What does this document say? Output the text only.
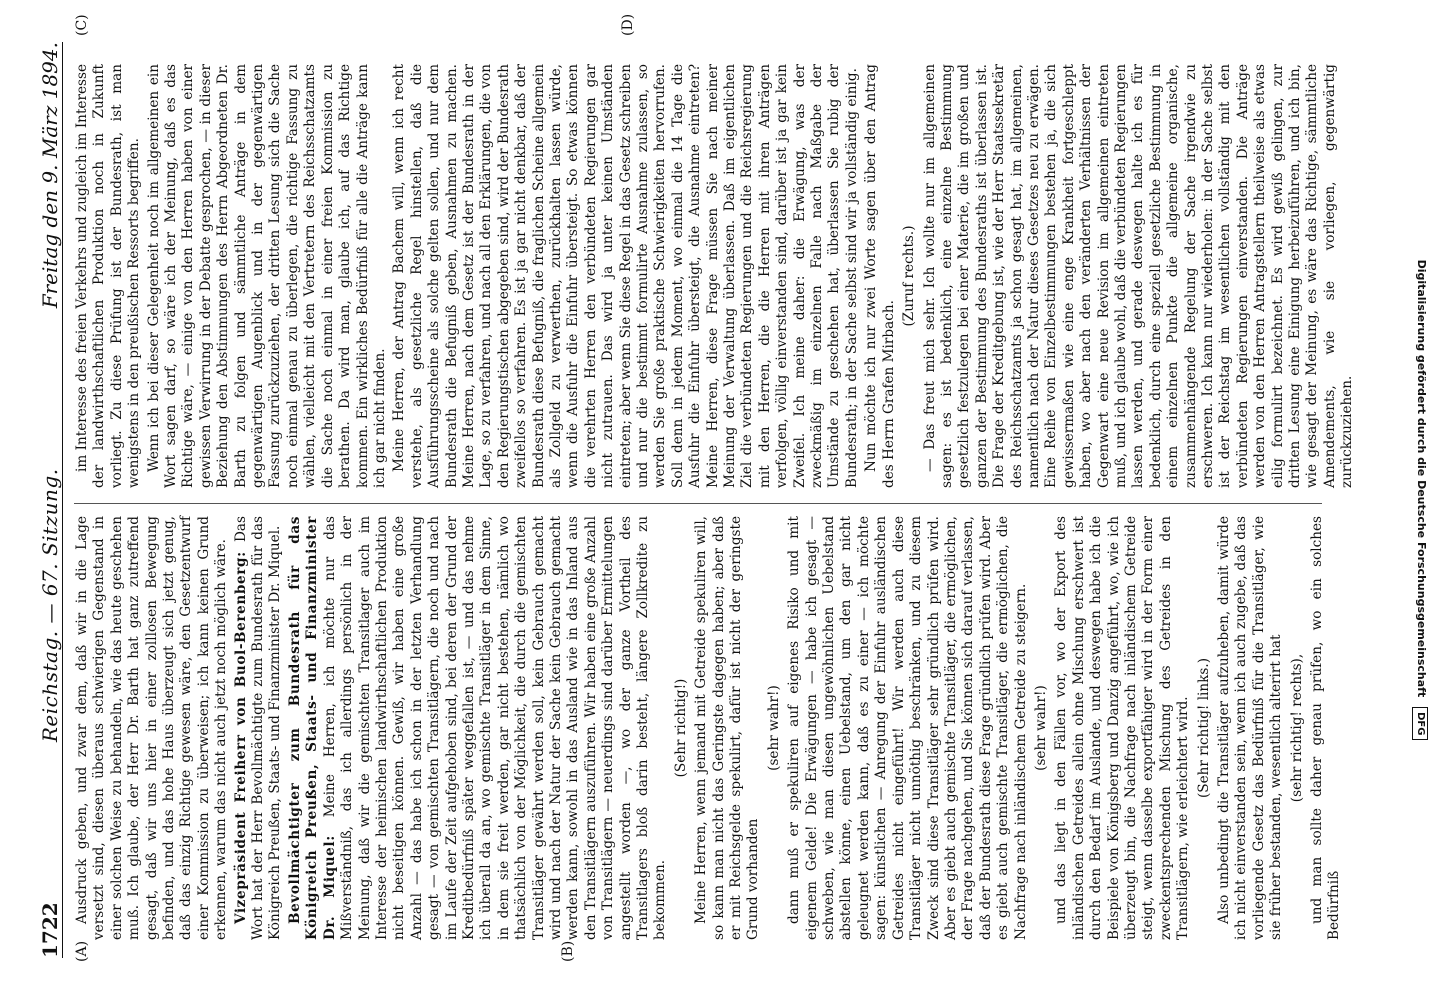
1722
Reichstag. — 67. Sitzung.
Freitag den 9. März 1894.
(A)	(B)
(C)	(D)

Ausdruck geben, und zwar dem, daß wir in die Lage versetzt sind, diesen überaus schwierigen Gegenstand in einer solchen Weise zu behandeln, wie das heute geschehen muß. Ich glaube, der Herr Dr. Barth hat ganz zutreffend gesagt, daß wir uns hier in einer zolllosen Bewegung befinden, und das hohe Haus überzeugt sich jetzt genug, daß das einzig Richtige gewesen wäre, den Gesetzentwurf einer Kommission zu überweisen; ich kann keinen Grund erkennen, warum das nicht auch jetzt noch möglich wäre. Vizepräsident Freiherr von Buol-Berenberg: Das Wort hat der Herr Bevollmächtigte zum Bundesrath für das Königreich Preußen, Staats- und Finanzminister Dr. Miquel. Bevollmächtigter zum Bundesrath für das Königreich Preußen, Staats- und Finanzminister Dr. Miquel: Meine Herren, ich möchte nur das Mißverständniß, das ich allerdings persönlich in der Meinung, daß wir die gemischten Transitlager auch im Interesse der heimischen landwirthschaftlichen Produktion nicht beseitigen können. Gewiß, wir haben eine große Anzahl — das habe ich schon in der letzten Verhandlung gesagt — von gemischten Transitlägern, die noch und nach im Laufe der Zeit aufgehoben sind, bei deren der Grund der Kreditbedürfniß später weggefallen ist, — und das nehme ich überall da an, wo gemischte Transitläger in dem Sinne, in dem sie freit werden, gar nicht bestehen, nämlich wo thatsächlich von der Möglichkeit, die durch die gemischten Transitläger gewährt werden soll, kein Gebrauch gemacht wird und nach der Natur der Sache kein Gebrauch gemacht werden kann, sowohl in das Ausland wie in das Inland aus den Transitlägern auszuführen. Wir haben eine große Anzahl von Transitlägern — neuerdings sind darüber Ermittelungen angestellt worden —, wo der ganze Vortheil des Transitlagers bloß darin besteht, längere Zollkredite zu bekommen.

(Sehr richtig!) Meine Herren, wenn jemand mit Getreide spekuliren will, so kann man nicht das Geringste dagegen haben; aber daß er mit Reichsgelde spekulirt, dafür ist nicht der geringste Grund vorhanden

(sehr wahr!) dann muß er spekuliren auf eigenes Risiko und mit eigenem Gelde! Die Erwägungen — habe ich gesagt — schweben, wie man diesen ungewöhnlichen Uebelstand abstellen könne, einen Uebelstand, um den gar nicht geleugnet werden kann, daß es zu einer — ich möchte sagen: künstlichen — Anregung der Einfuhr ausländischen Getreides nicht eingeführt! Wir werden auch diese Transitläger nicht unnöthig beschränken, und zu diesem Zweck sind diese Transitläger sehr gründlich prüfen wird. Aber es giebt auch gemischte Transitläger, die ermöglichen, der Frage nachgehen, und Sie können sich darauf verlassen, daß der Bundesrath diese Frage gründlich prüfen wird. Aber es giebt auch gemischte Transitläger, die ermöglichen, die Nachfrage nach inländischem Getreide zu steigern. (sehr wahr!) und das liegt in den Fällen vor, wo der Export des inländischen Getreides allein ohne Mischung erschwert ist durch den Bedarf im Auslande, und deswegen habe ich die Beispiele von Königsberg und Danzig angeführt, wo, wie ich überzeugt bin, die Nachfrage nach inländischem Getreide steigt, wenn dasselbe exportfähiger wird in der Form einer zweckentsprechenden Mischung des Getreides in den Transitlägern, wie erleichtert wird. (Sehr richtig! links.) Also unbedingt die Transitläger aufzuheben, damit würde ich nicht einverstanden sein, wenn ich auch zugebe, daß das vorliegende Gesetz das Bedürfniß für die Transitläger, wie sie früher bestanden, wesentlich alterirt hat (sehr richtig! rechts), und man sollte daher genau prüfen, wo ein solches Bedürfniß

im Interesse des freien Verkehrs und zugleich im Interesse der landwirthschaftlichen Produktion noch in Zukunft vorliegt. Zu diese Prüfung ist der Bundesrath, ist man wenigstens in den preußischen Ressorts begriffen. Wenn ich bei dieser Gelegenheit noch im allgemeinen ein Wort sagen darf, so wäre ich der Meinung, daß es das Richtige wäre, — einige von den Herren haben von einer gewissen Verwirrung in der Debatte gesprochen, — in dieser Beziehung den Abstimmungen des Herrn Abgeordneten Dr. Barth zu folgen und sämmtliche Anträge in dem gegenwärtigen Augenblick und in der gegenwärtigen Fassung zurückzuziehen, der dritten Lesung sich die Sache noch einmal genau zu überlegen, die richtige Fassung zu wählen, vielleicht mit den Vertretern des Reichsschatzamts die Sache noch einmal in einer freien Kommission zu berathen. Da wird man, glaube ich, auf das Richtige kommen. Ein wirkliches Bedürfniß für alle die Anträge kann ich gar nicht finden. Meine Herren, der Antrag Bachem will, wenn ich recht verstehe, als gesetzliche Regel hinstellen, daß die Ausführungsscheine als solche gelten sollen, und nur dem Bundesrath die Befugniß geben, Ausnahmen zu machen. Meine Herren, nach dem Gesetz ist der Bundesrath in der Lage, so zu verfahren, und nach all den Erklärungen, die von den Regierungstischen abgegeben sind, wird der Bundesrath zweifellos so verfahren. Es ist ja gar nicht denkbar, daß der Bundesrath diese Befugniß, die fraglichen Scheine allgemein als Zollgeld zu verwerthen, zurückhalten lassen würde, wenn die Ausfuhr die Einfuhr übersteigt. So etwas können die verehrten Herren den verbündeten Regierungen gar nicht zutrauen. Das wird ja unter keinen Umständen eintreten; aber wenn Sie diese Regel in das Gesetz schreiben und nur die bestimmt formulirte Ausnahme zulassen, so werden Sie große praktische Schwierigkeiten hervorrufen. Soll denn in jedem Moment, wo einmal die 14 Tage die Ausfuhr die Einfuhr übersteigt, die Ausnahme eintreten? Meine Herren, diese Frage müssen Sie nach meiner Meinung der Verwaltung überlassen. Daß im eigentlichen Ziel die verbündeten Regierungen und die Reichsregierung mit den Herren, die die Herren mit ihren Anträgen verfolgen, völlig einverstanden sind, darüber ist ja gar kein Zweifel. Ich meine daher: die Erwägung, was der zweckmäßig im einzelnen Falle nach Maßgabe der Umstände zu geschehen hat, überlassen Sie rubig der Bundesrath; in der Sache selbst sind wir ja vollständig einig. Nun möchte ich nur zwei Worte sagen über den Antrag des Herrn Grafen Mirbach.

(Zuruf rechts.) — Das freut mich sehr. Ich wollte nur im allgemeinen sagen: es ist bedenklich, eine einzelne Bestimmung gesetzlich festzulegen bei einer Materie, die im großen und ganzen der Bestimmung des Bundesraths ist überlassen ist. Die Frage der Kreditgebung ist, wie der Herr Staatssekretär des Reichsschatzamts ja schon gesagt hat, im allgemeinen, namentlich nach der Natur dieses Gesetzes neu zu erwägen. Eine Reihe von Einzelbestimmungen bestehen ja, die sich gewissermaßen wie eine enge Krankheit fortgeschleppt haben, wo aber nach den veränderten Verhältnissen der Gegenwart eine neue Revision im allgemeinen eintreten muß, und ich glaube wohl, daß die verbündeten Regierungen lassen werden, und gerade deswegen halte ich es für bedenklich, durch eine speziell gesetzliche Bestimmung in einem einzelnen Punkte die allgemeine organische, zusammenhängende Regelung der Sache irgendwie zu erschweren. Ich kann nur wiederholen: in der Sache selbst ist der Reichstag im wesentlichen vollständig mit den verbündeten Regierungen einverstanden. Die Anträge werden von den Herren Antragstellern theilweise als etwas eilig formulirt bezeichnet. Es wird gewiß gelingen, zur dritten Lesung eine Einigung herbeizuführen, und ich bin, wie gesagt der Meinung, es wäre das Richtige, sämmtliche Amendements, wie sie vorliegen, gegenwärtig zurückzuziehen.	Digitalisierung gefördert durch die Deutsche Forschungsgemeinschaft DFG
